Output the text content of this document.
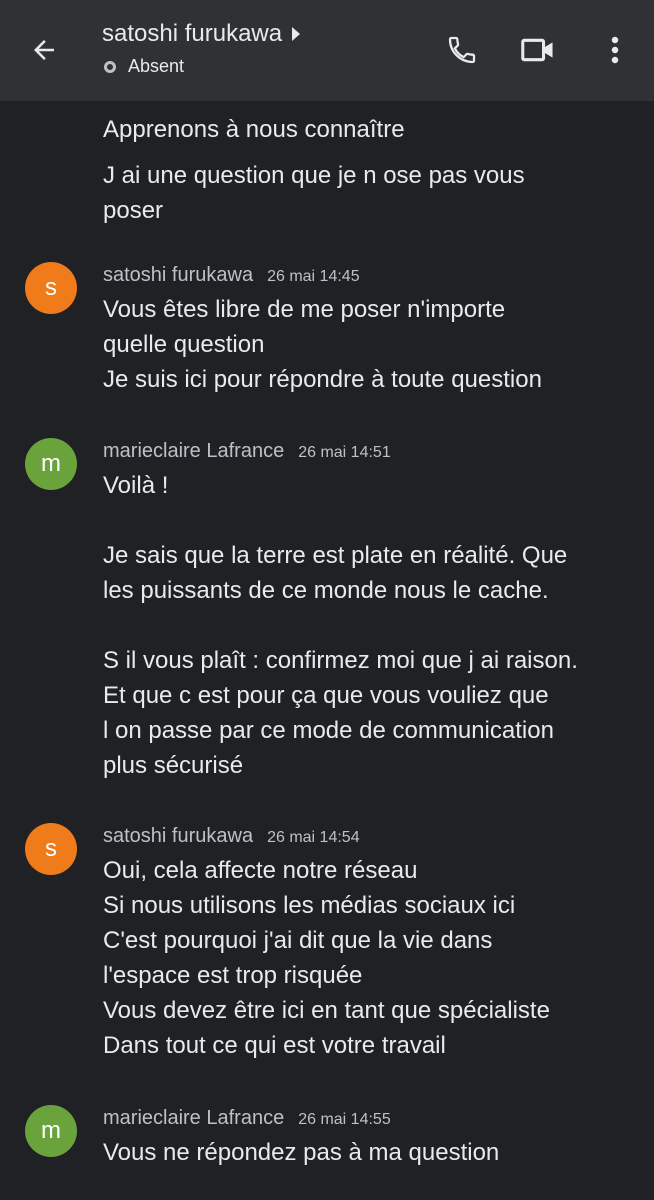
satoshi furukawa
Absent
Apprenons à nous connaître
J ai une question que je n ose pas vous
poser
s	satoshi furukawa 26 mai 14:45
Vous êtes libre de me poser n'importe
quelle question
Je suis ici pour répondre à toute question
m	marieclaire Lafrance 26 mai 14:51
Voilà !

Je sais que la terre est plate en réalité. Que
les puissants de ce monde nous le cache.

S il vous plaît : confirmez moi que j ai raison.
Et que c est pour ça que vous vouliez que
l on passe par ce mode de communication
plus sécurisé
s	satoshi furukawa 26 mai 14:54
Oui, cela affecte notre réseau
Si nous utilisons les médias sociaux ici
C'est pourquoi j'ai dit que la vie dans
l'espace est trop risquée
Vous devez être ici en tant que spécialiste
Dans tout ce qui est votre travail
m	marieclaire Lafrance 26 mai 14:55
Vous ne répondez pas à ma question
